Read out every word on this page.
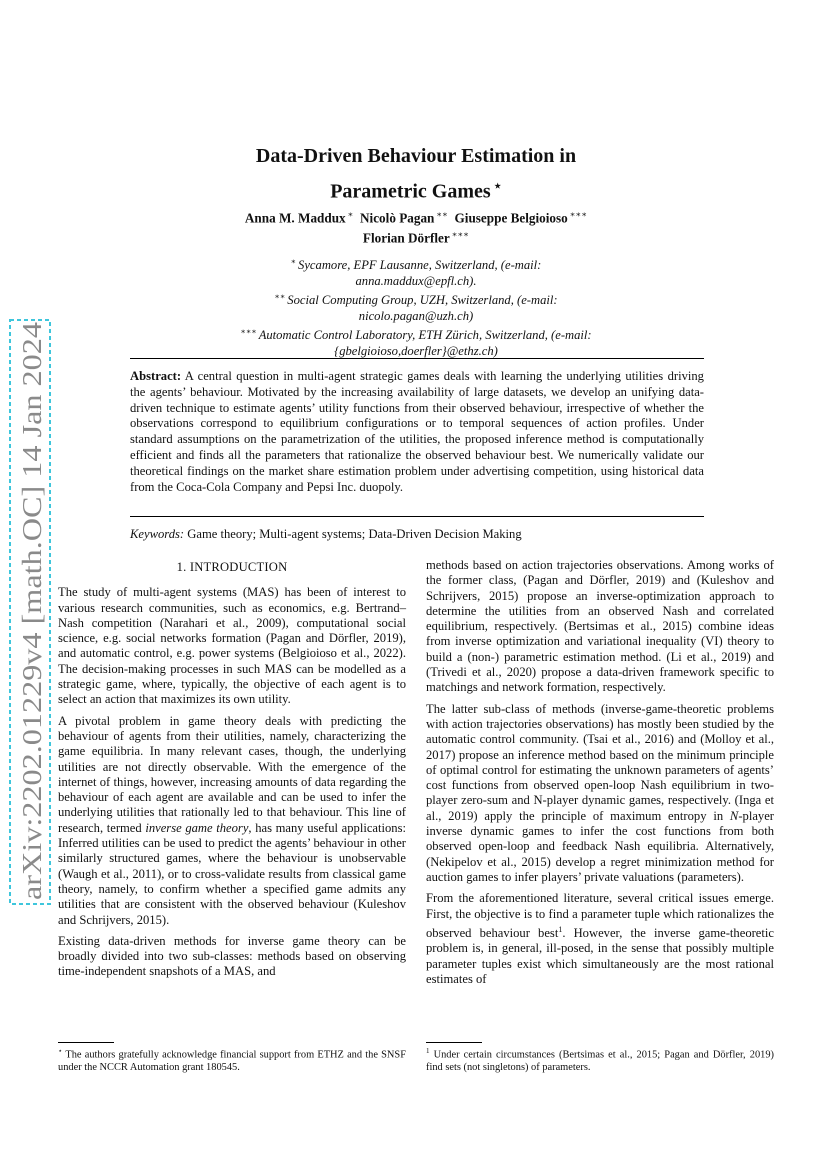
arXiv:2202.01229v4 [math.OC] 14 Jan 2024
Data-Driven Behaviour Estimation in
Parametric Games ⋆
Anna M. Maddux ∗ Nicolò Pagan ∗∗ Giuseppe Belgioioso ∗∗∗
Florian Dörfler ∗∗∗
∗ Sycamore, EPF Lausanne, Switzerland, (e-mail:
anna.maddux@epfl.ch).
∗∗ Social Computing Group, UZH, Switzerland, (e-mail:
nicolo.pagan@uzh.ch)
∗∗∗ Automatic Control Laboratory, ETH Zürich, Switzerland, (e-mail:
{gbelgioioso,doerfler}@ethz.ch)
Abstract: A central question in multi-agent strategic games deals with learning the underlying utilities driving the agents’ behaviour. Motivated by the increasing availability of large datasets, we develop an unifying data-driven technique to estimate agents’ utility functions from their observed behaviour, irrespective of whether the observations correspond to equilibrium configurations or to temporal sequences of action profiles. Under standard assumptions on the parametrization of the utilities, the proposed inference method is computationally efficient and finds all the parameters that rationalize the observed behaviour best. We numerically validate our theoretical findings on the market share estimation problem under advertising competition, using historical data from the Coca-Cola Company and Pepsi Inc. duopoly.
Keywords: Game theory; Multi-agent systems; Data-Driven Decision Making
1. INTRODUCTION

The study of multi-agent systems (MAS) has been of interest to various research communities, such as economics, e.g. Bertrand–Nash competition (Narahari et al., 2009), computational social science, e.g. social networks formation (Pagan and Dörfler, 2019), and automatic control, e.g. power systems (Belgioioso et al., 2022). The decision-making processes in such MAS can be modelled as a strategic game, where, typically, the objective of each agent is to select an action that maximizes its own utility.

A pivotal problem in game theory deals with predicting the behaviour of agents from their utilities, namely, characterizing the game equilibria. In many relevant cases, though, the underlying utilities are not directly observable. With the emergence of the internet of things, however, increasing amounts of data regarding the behaviour of each agent are available and can be used to infer the underlying utilities that rationally led to that behaviour. This line of research, termed inverse game theory, has many useful applications: Inferred utilities can be used to predict the agents’ behaviour in other similarly structured games, where the behaviour is unobservable (Waugh et al., 2011), or to cross-validate results from classical game theory, namely, to confirm whether a specified game admits any utilities that are consistent with the observed behaviour (Kuleshov and Schrijvers, 2015).

Existing data-driven methods for inverse game theory can be broadly divided into two sub-classes: methods based on observing time-independent snapshots of a MAS, and

methods based on action trajectories observations. Among works of the former class, (Pagan and Dörfler, 2019) and (Kuleshov and Schrijvers, 2015) propose an inverse-optimization approach to determine the utilities from an observed Nash and correlated equilibrium, respectively. (Bertsimas et al., 2015) combine ideas from inverse optimization and variational inequality (VI) theory to build a (non-) parametric estimation method. (Li et al., 2019) and (Trivedi et al., 2020) propose a data-driven framework specific to matchings and network formation, respectively.

The latter sub-class of methods (inverse-game-theoretic problems with action trajectories observations) has mostly been studied by the automatic control community. (Tsai et al., 2016) and (Molloy et al., 2017) propose an inference method based on the minimum principle of optimal control for estimating the unknown parameters of agents’ cost functions from observed open-loop Nash equilibrium in two-player zero-sum and N-player dynamic games, respectively. (Inga et al., 2019) apply the principle of maximum entropy in N-player inverse dynamic games to infer the cost functions from both observed open-loop and feedback Nash equilibria. Alternatively, (Nekipelov et al., 2015) develop a regret minimization method for auction games to infer players’ private valuations (parameters).

From the aforementioned literature, several critical issues emerge. First, the objective is to find a parameter tuple which rationalizes the observed behaviour best$^1$. However, the inverse game-theoretic problem is, in general, ill-posed, in the sense that possibly multiple parameter tuples exist which simultaneously are the most rational estimates of

⋆ The authors gratefully acknowledge financial support from ETHZ and the SNSF under the NCCR Automation grant 180545.
$^1$ Under certain circumstances (Bertsimas et al., 2015; Pagan and Dörfler, 2019) find sets (not singletons) of parameters.
